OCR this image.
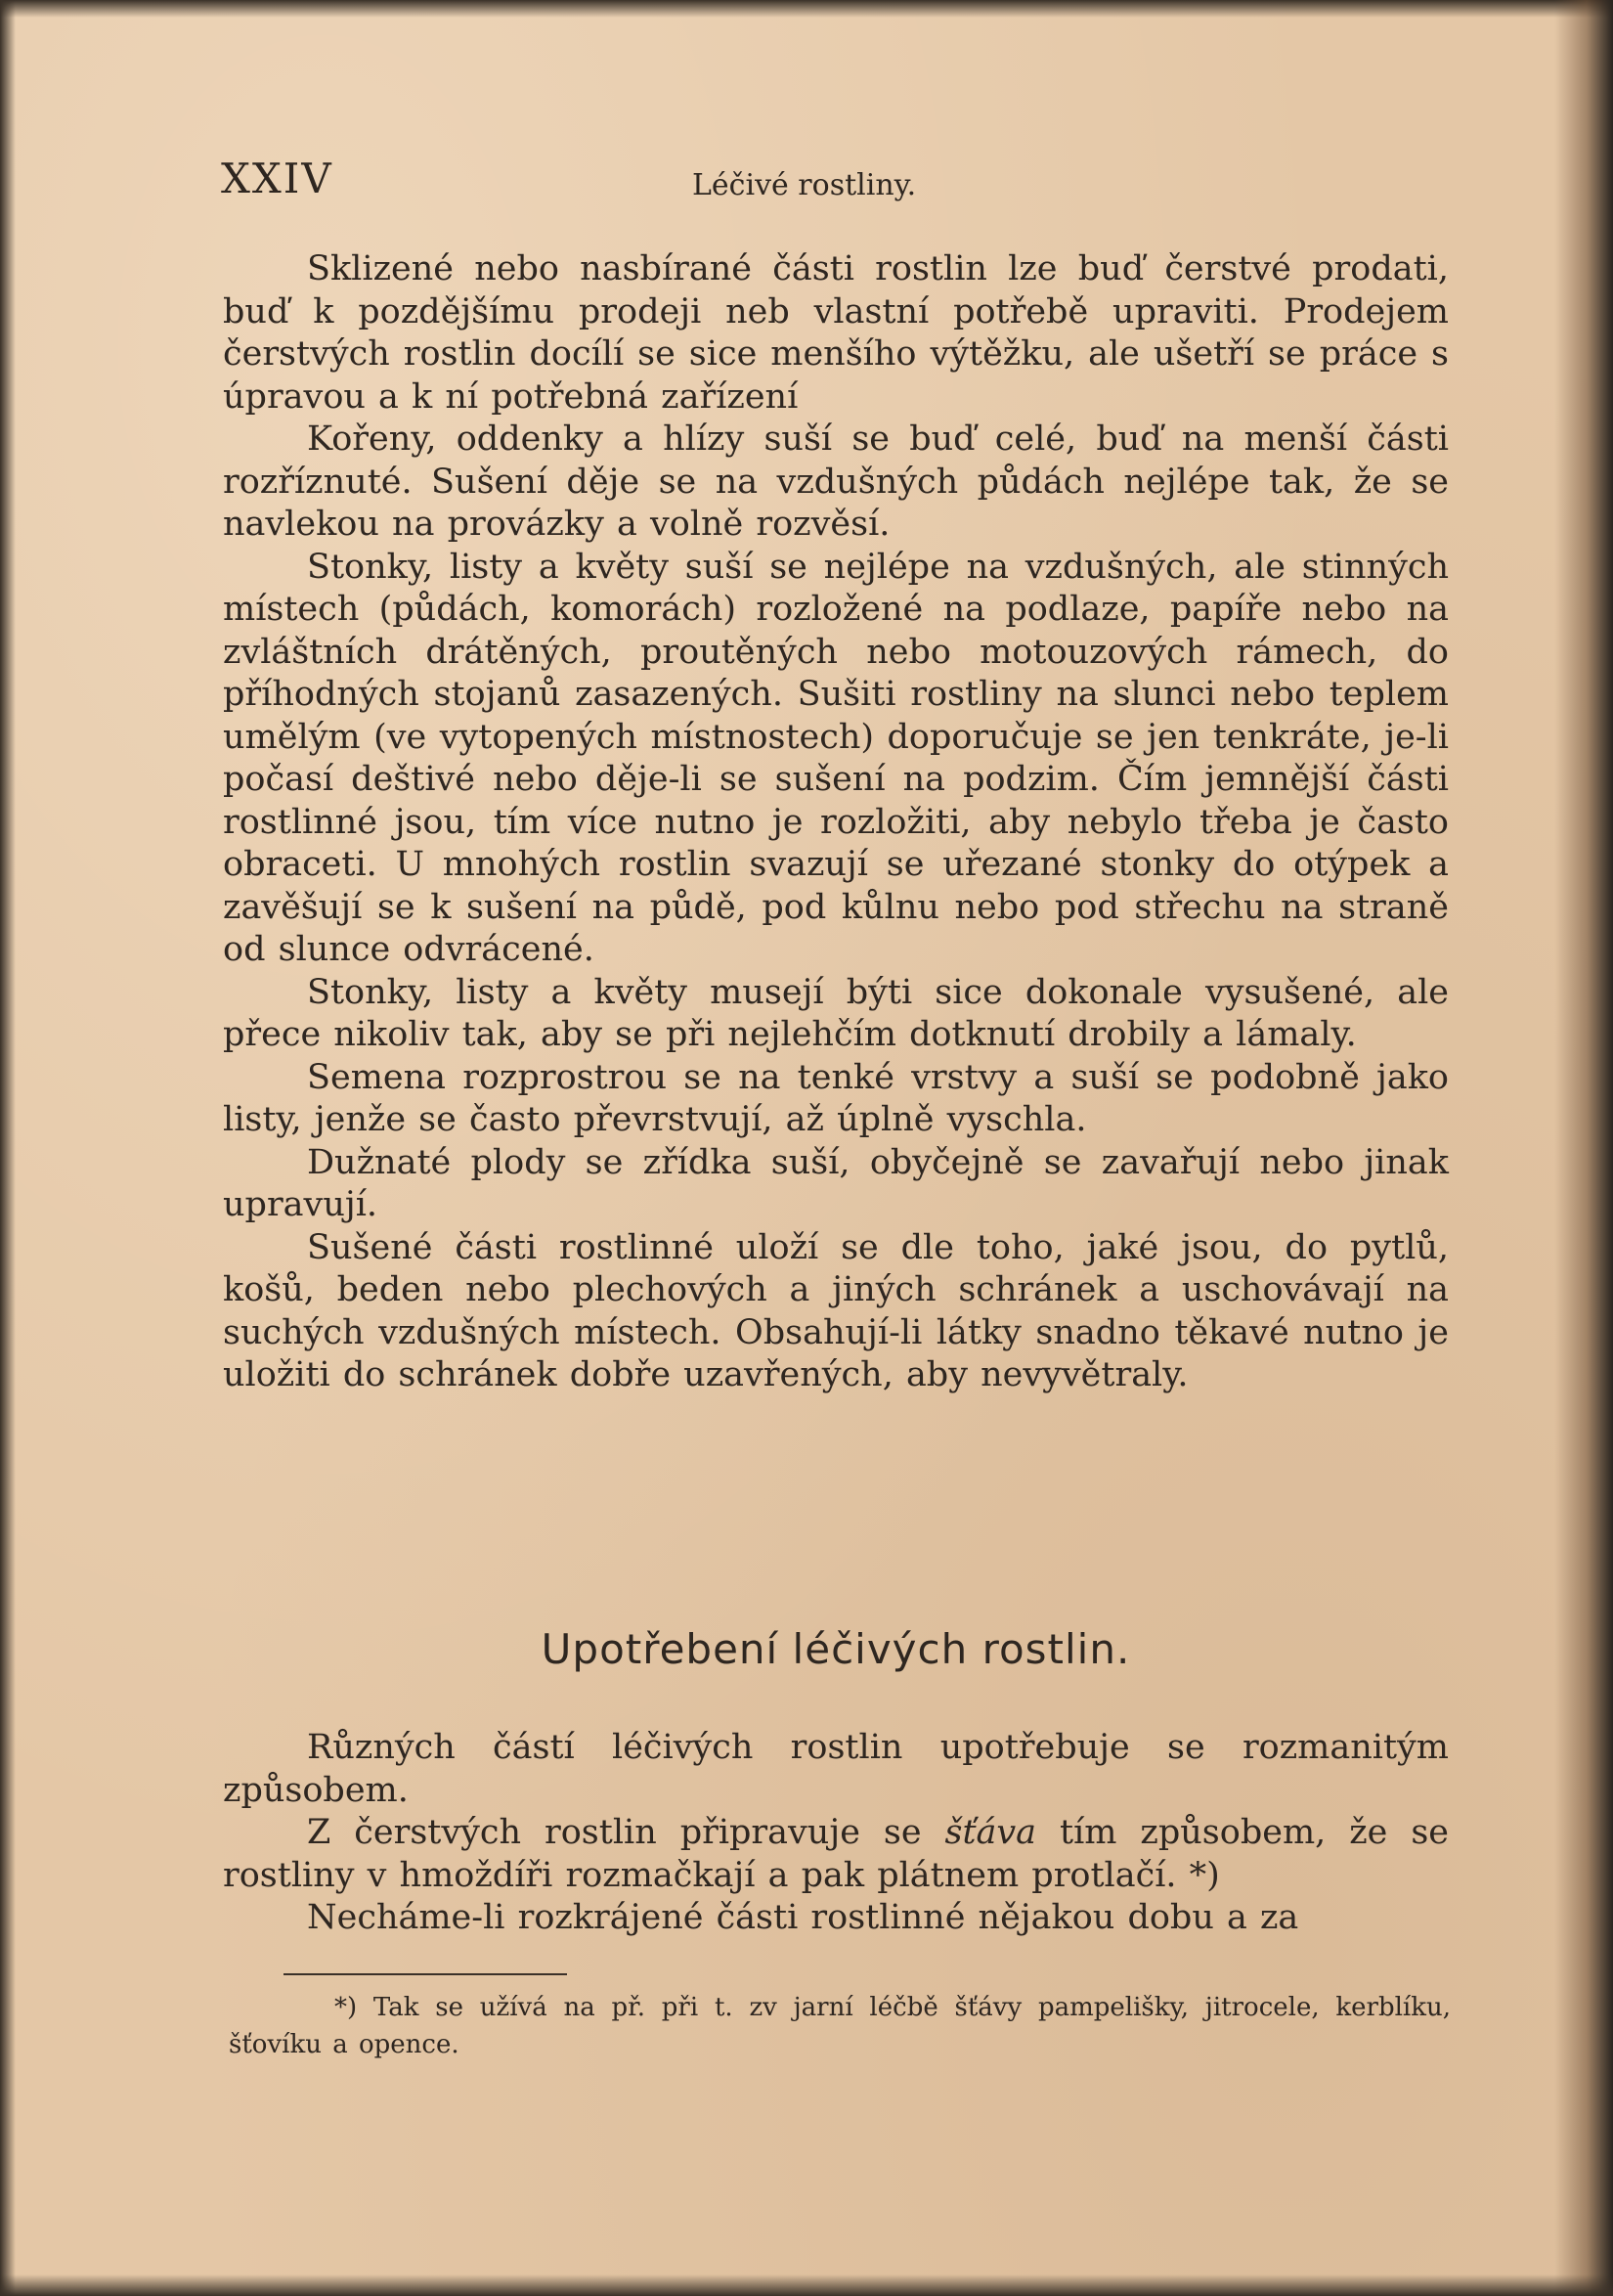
XXIV	Léčivé rostliny.

Sklizené nebo nasbírané části rostlin lze buď čerstvé prodati, buď k pozdějšímu prodeji neb vlastní potřebě upraviti. Prodejem čerstvých rostlin docílí se sice menšího výtěžku, ale ušetří se práce s úpravou a k ní potřebná zařízení

Kořeny, oddenky a hlízy suší se buď celé, buď na menší části rozříznuté. Sušení děje se na vzdušných půdách nejlépe tak, že se navlekou na provázky a volně rozvěsí.

Stonky, listy a květy suší se nejlépe na vzdušných, ale stinných místech (půdách, komorách) rozložené na podlaze, papíře nebo na zvláštních drátěných, proutěných nebo motouzových rámech, do příhodných stojanů zasazených. Sušiti rostliny na slunci nebo teplem umělým (ve vytopených místnostech) doporučuje se jen tenkráte, je-li počasí deštivé nebo děje-li se sušení na podzim. Čím jemnější části rostlinné jsou, tím více nutno je rozložiti, aby nebylo třeba je často obraceti. U mnohých rostlin svazují se uřezané stonky do otýpek a zavěšují se k sušení na půdě, pod kůlnu nebo pod střechu na straně od slunce odvrácené.

Stonky, listy a květy musejí býti sice dokonale vysušené, ale přece nikoliv tak, aby se při nejlehčím dotknutí drobily a lámaly.

Semena rozprostrou se na tenké vrstvy a suší se podobně jako listy, jenže se často převrstvují, až úplně vyschla.

Dužnaté plody se zřídka suší, obyčejně se zavařují nebo jinak upravují.

Sušené části rostlinné uloží se dle toho, jaké jsou, do pytlů, košů, beden nebo plechových a jiných schránek a uschovávají na suchých vzdušných místech. Obsahují-li látky snadno těkavé nutno je uložiti do schránek dobře uzavřených, aby nevyvětraly.

Upotřebení léčivých rostlin.

Různých částí léčivých rostlin upotřebuje se rozmanitým způsobem.

Z čerstvých rostlin připravuje se šťáva tím způsobem, že se rostliny v hmoždíři rozmačkají a pak plátnem protlačí. *)

Necháme-li rozkrájené části rostlinné nějakou dobu a za

*) Tak se užívá na př. při t. zv jarní léčbě šťávy pampelišky, jitrocele, kerblíku, šťovíku a opence.
